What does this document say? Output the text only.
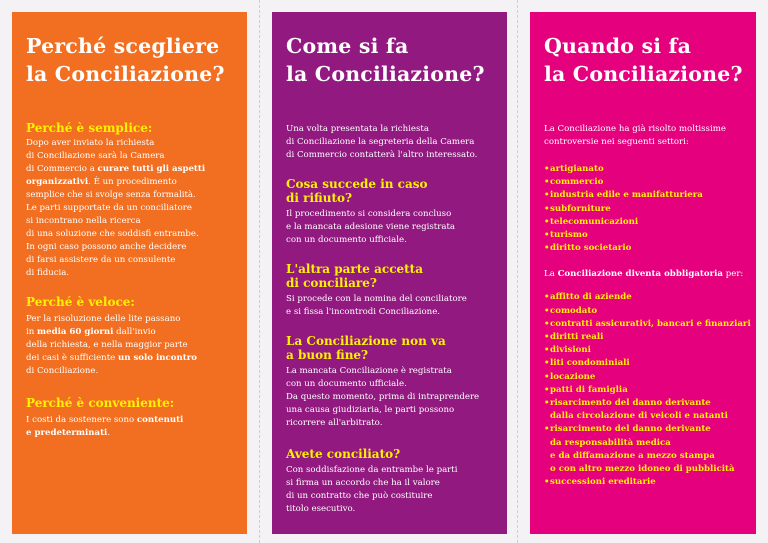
Perché scegliere
la Conciliazione?
Perché è semplice:

Dopo aver inviato la richiesta
di Conciliazione sarà la Camera
di Commercio a curare tutti gli aspetti
organizzativi. È un procedimento
semplice che si svolge senza formalità.
Le parti supportate da un conciliatore
si incontrano nella ricerca
di una soluzione che soddisfi entrambe.
In ogni caso possono anche decidere
di farsi assistere da un consulente
di fiducia.

Perché è veloce:

Per la risoluzione delle lite passano
in media 60 giorni dall'invio
della richiesta, e nella maggior parte
dei casi è sufficiente un solo incontro
di Conciliazione.

Perché è conveniente:

I costi da sostenere sono contenuti
e predeterminati.

Come si fa
la Conciliazione?

Una volta presentata la richiesta
di Conciliazione la segreteria della Camera
di Commercio contatterà l'altro interessato.

Cosa succede in caso
di rifiuto?

Il procedimento si considera concluso
e la mancata adesione viene registrata
con un documento ufficiale.

L'altra parte accetta
di conciliare?

Si procede con la nomina del conciliatore
e si fissa l'incontrodi Conciliazione.

La Conciliazione non va
a buon fine?

La mancata Conciliazione è registrata
con un documento ufficiale.
Da questo momento, prima di intraprendere
una causa giudiziaria, le parti possono
ricorrere all'arbitrato.

Avete conciliato?

Con soddisfazione da entrambe le parti
si firma un accordo che ha il valore
di un contratto che può costituire
titolo esecutivo.

Quando si fa
la Conciliazione?

La Conciliazione ha già risolto moltissime
controversie nei seguenti settori:

•artigianato
•commercio
•industria edile e manifatturiera
•subforniture
•telecomunicazioni
•turismo
•diritto societario

La Conciliazione diventa obbligatoria per:

•affitto di aziende
•comodato
•contratti assicurativi, bancari e finanziari
•diritti reali
•divisioni
•liti condominiali
•locazione
•patti di famiglia
•risarcimento del danno derivante
dalla circolazione di veicoli e natanti
•risarcimento del danno derivante
da responsabilità medica
e da diffamazione a mezzo stampa
o con altro mezzo idoneo di pubblicità
•successioni ereditarie
